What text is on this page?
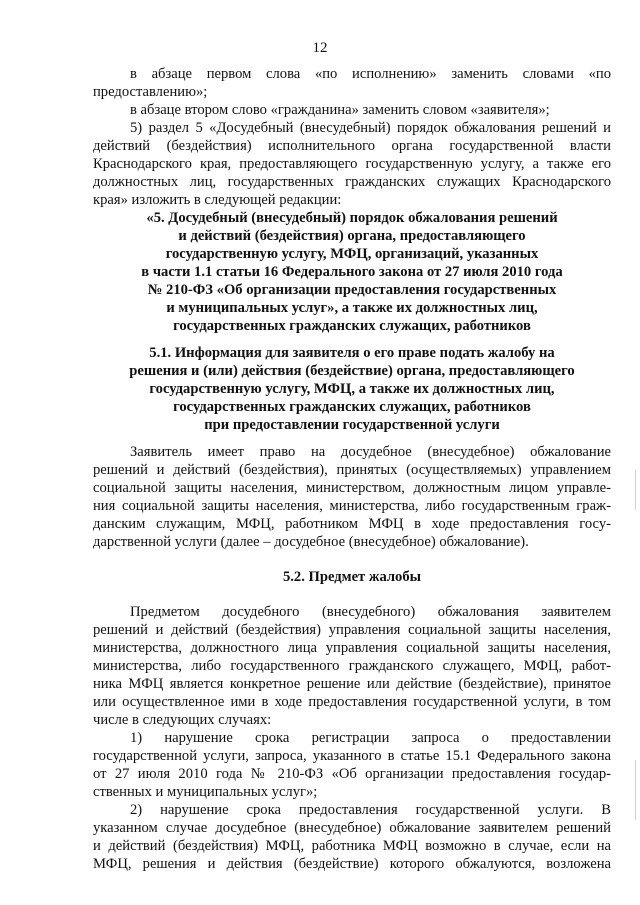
12
в абзаце первом слова «по исполнению» заменить словами «по
предоставлению»;
в абзаце втором слово «гражданина» заменить словом «заявителя»;
5) раздел 5 «Досудебный (внесудебный) порядок обжалования решений и
действий (бездействия) исполнительного органа государственной власти
Краснодарского края, предоставляющего государственную услугу, а также его
должностных лиц, государственных гражданских служащих Краснодарского
края» изложить в следующей редакции:
«5. Досудебный (внесудебный) порядок обжалования решений
и действий (бездействия) органа, предоставляющего
государственную услугу, МФЦ, организаций, указанных
в части 1.1 статьи 16 Федерального закона от 27 июля 2010 года
№ 210-ФЗ «Об организации предоставления государственных
и муниципальных услуг», а также их должностных лиц,
государственных гражданских служащих, работников
5.1. Информация для заявителя о его праве подать жалобу на
решения и (или) действия (бездействие) органа, предоставляющего
государственную услугу, МФЦ, а также их должностных лиц,
государственных гражданских служащих, работников
при предоставлении государственной услуги
Заявитель имеет право на досудебное (внесудебное) обжалование
решений и действий (бездействия), принятых (осуществляемых) управлением
социальной защиты населения, министерством, должностным лицом управле-
ния социальной защиты населения, министерства, либо государственным граж-
данским служащим, МФЦ, работником МФЦ в ходе предоставления госу-
дарственной услуги (далее – досудебное (внесудебное) обжалование).
5.2. Предмет жалобы
Предметом досудебного (внесудебного) обжалования заявителем
решений и действий (бездействия) управления социальной защиты населения,
министерства, должностного лица управления социальной защиты населения,
министерства, либо государственного гражданского служащего, МФЦ, работ-
ника МФЦ является конкретное решение или действие (бездействие), принятое
или осуществленное ими в ходе предоставления государственной услуги, в том
числе в следующих случаях:
1) нарушение срока регистрации запроса о предоставлении
государственной услуги, запроса, указанного в статье 15.1 Федерального закона
от 27 июля 2010 года № 210-ФЗ «Об организации предоставления государ-
ственных и муниципальных услуг»;
2) нарушение срока предоставления государственной услуги. В
указанном случае досудебное (внесудебное) обжалование заявителем решений
и действий (бездействия) МФЦ, работника МФЦ возможно в случае, если на
МФЦ, решения и действия (бездействие) которого обжалуются, возложена
